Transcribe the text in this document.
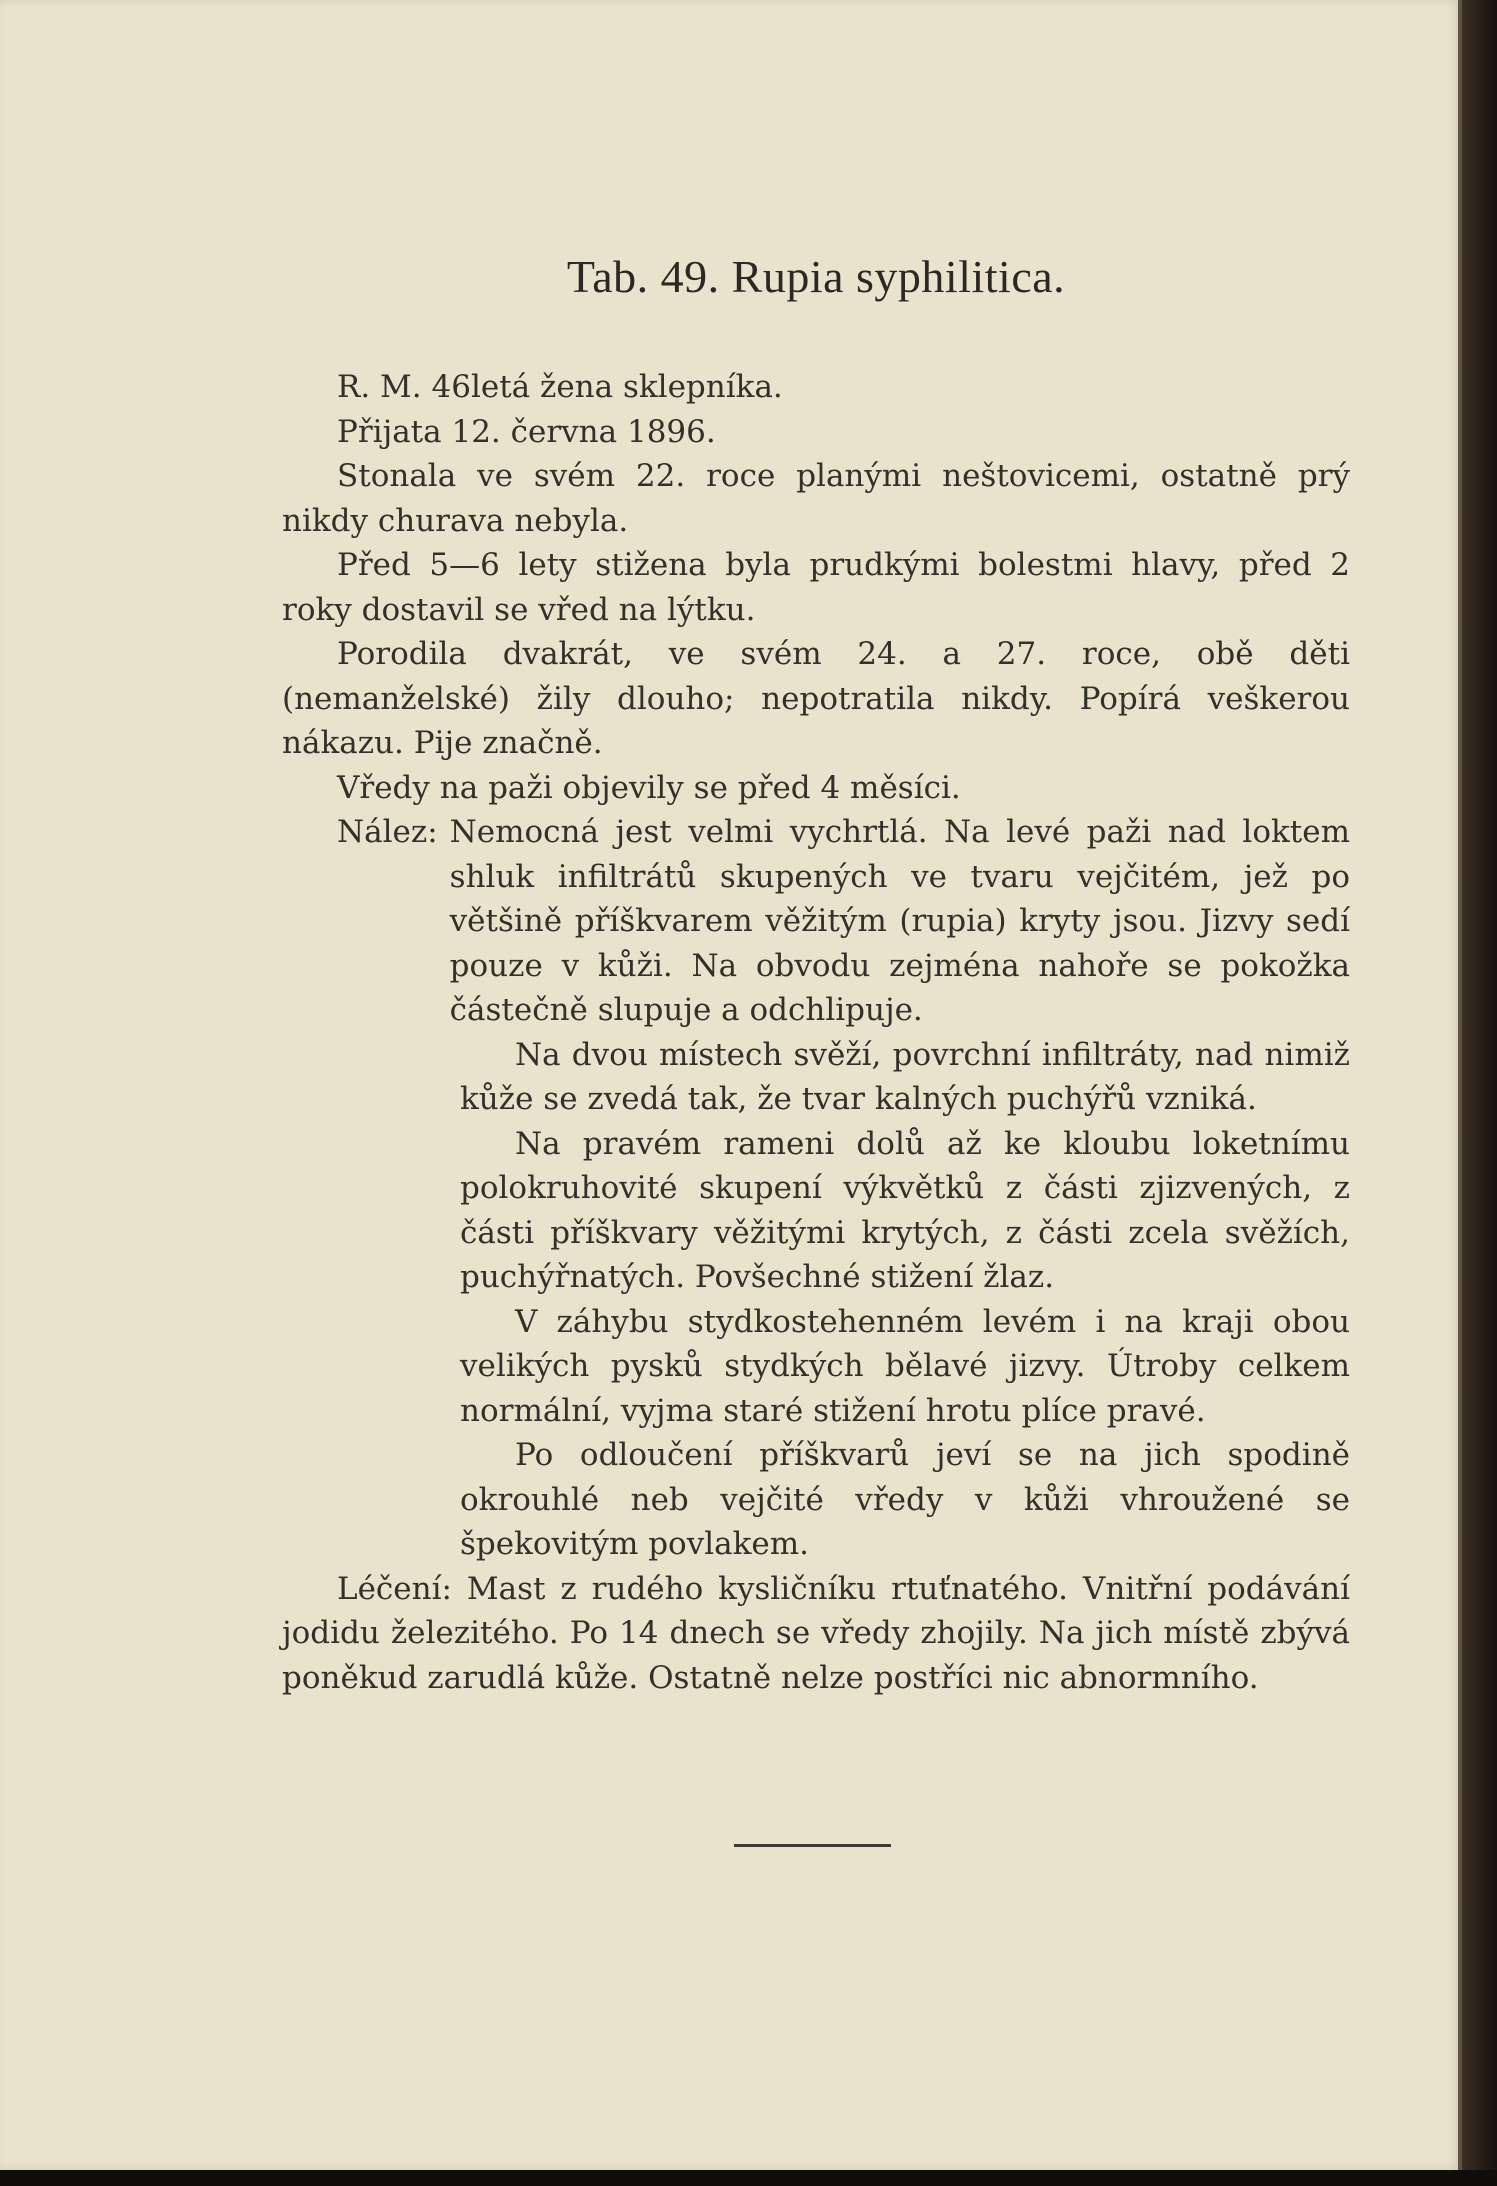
Tab. 49. Rupia syphilitica.

R. M. 46letá žena sklepníka.

Přijata 12. června 1896.

Stonala ve svém 22. roce planými neštovicemi, ostatně prý nikdy churava nebyla.

Před 5—6 lety stižena byla prudkými bolestmi hlavy, před 2 roky dostavil se vřed na lýtku.

Porodila dvakrát, ve svém 24. a 27. roce, obě děti (nemanželské) žily dlouho; nepotratila nikdy. Popírá veškerou nákazu. Pije značně.

Vředy na paži objevily se před 4 měsíci.

Nález: Nemocná jest velmi vychrtlá. Na levé paži nad loktem shluk infiltrátů skupených ve tvaru vejčitém, jež po většině příškvarem věžitým (rupia) kryty jsou. Jizvy sedí pouze v kůži. Na obvodu zejména nahoře se pokožka částečně slupuje a odchlipuje.

Na dvou místech svěží, povrchní infiltráty, nad nimiž kůže se zvedá tak, že tvar kalných puchýřů vzniká.

Na pravém rameni dolů až ke kloubu loketnímu polokruhovité skupení výkvětků z části zjizvených, z části příškvary věžitými krytých, z části zcela svěžích, puchýřnatých. Povšechné stižení žlaz.

V záhybu stydkostehenném levém i na kraji obou velikých pysků stydkých bělavé jizvy. Útroby celkem normální, vyjma staré stižení hrotu plíce pravé.

Po odloučení příškvarů jeví se na jich spodině okrouhlé neb vejčité vředy v kůži vhroužené se špekovitým povlakem.

Léčení: Mast z rudého kysličníku rtuťnatého. Vnitřní podávání jodidu železitého. Po 14 dnech se vředy zhojily. Na jich místě zbývá poněkud zarudlá kůže. Ostatně nelze postříci nic abnormního.
